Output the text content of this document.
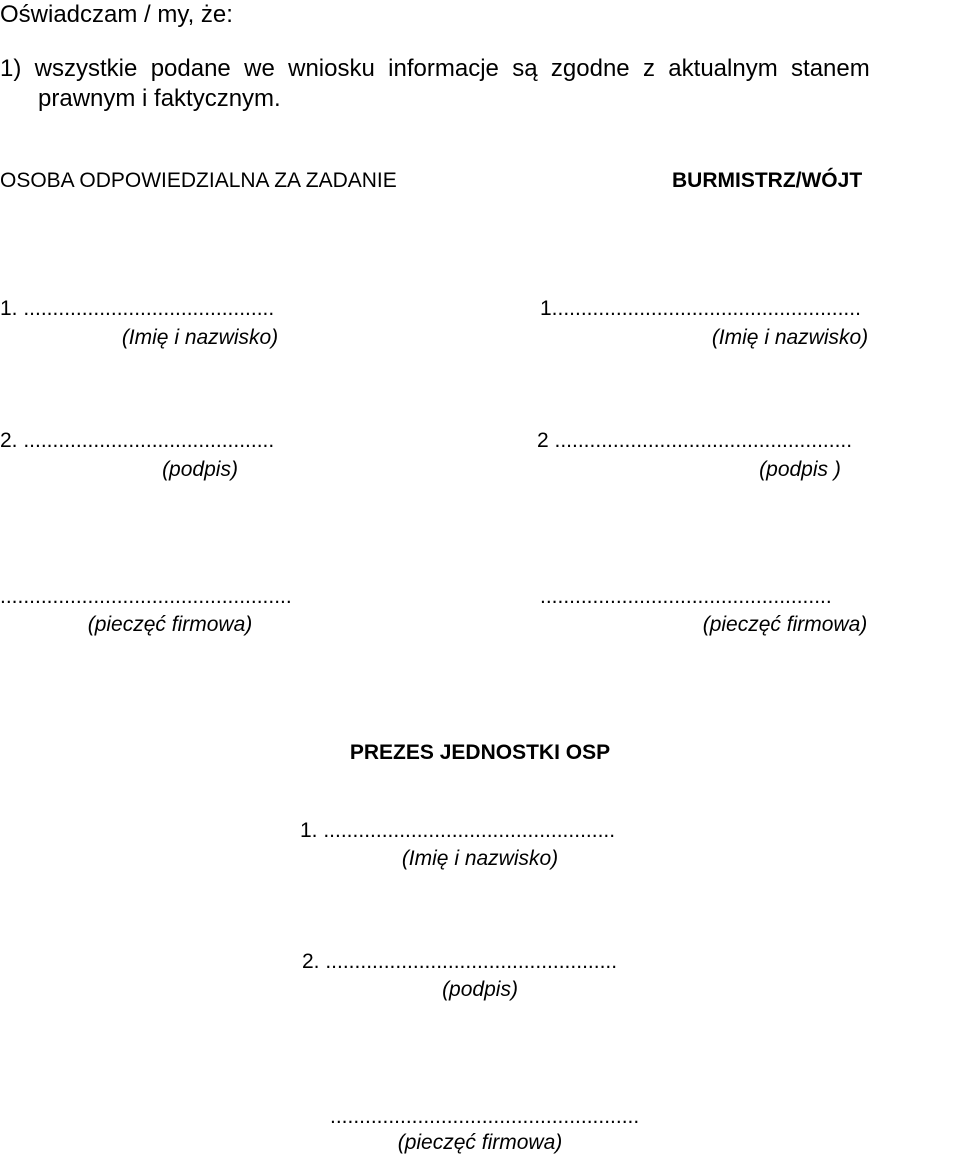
Oświadczam / my, że:
1)  wszystkie  podane  we  wniosku  informacje  są  zgodne  z  aktualnym  stanem
prawnym i faktycznym.
OSOBA ODPOWIEDZIALNA ZA ZADANIE
1. ...........................................
(Imię i nazwisko)
2. ...........................................
(podpis)
..................................................
(pieczęć firmowa)
BURMISTRZ/WÓJT
1.....................................................
(Imię i nazwisko)
2 ...................................................
(podpis )
..................................................
(pieczęć firmowa)
PREZES JEDNOSTKI OSP
1. ..................................................
(Imię i nazwisko)
2. ..................................................
(podpis)
.....................................................
(pieczęć firmowa)
